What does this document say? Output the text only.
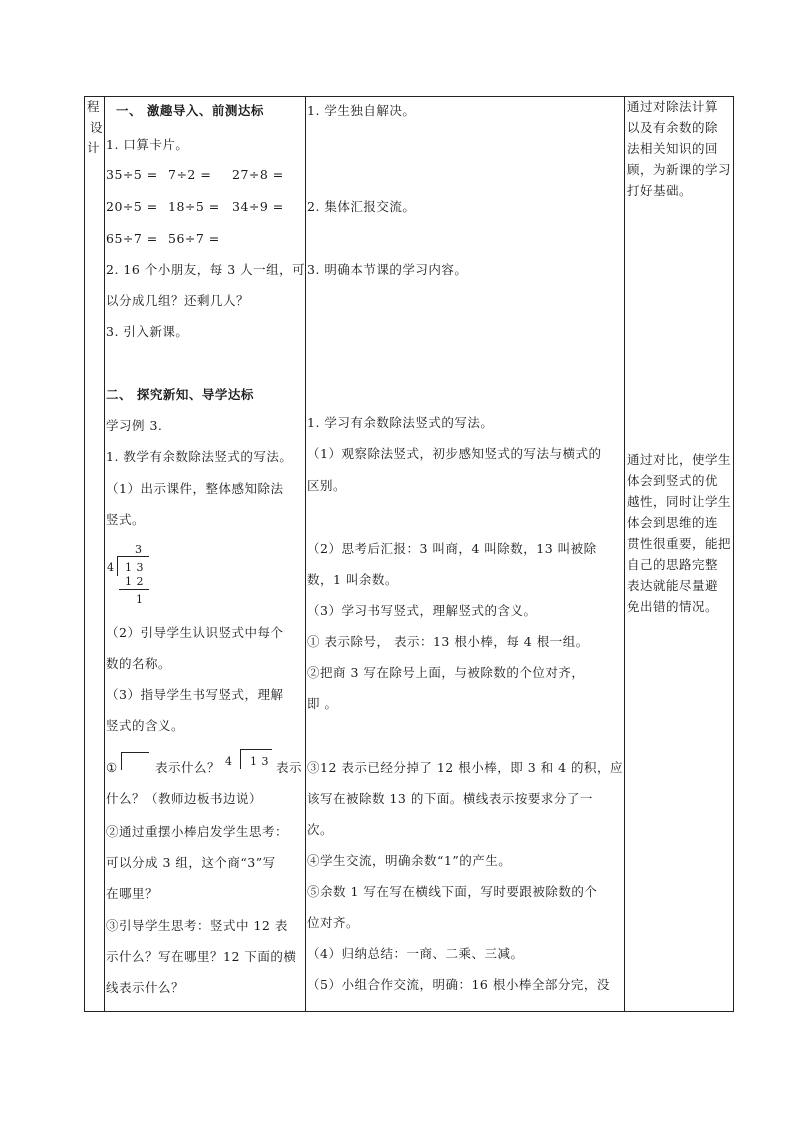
程
设
计
一、 激趣导入、前测达标
1. 口算卡片。
35÷5 = 7÷2 = 27÷8 =
20÷5 = 18÷5 = 34÷9 =
65÷7 = 56÷7 =
2. 16 个小朋友，每 3 人一组，可
以分成几组？还剩几人？
3. 引入新课。
二、 探究新知、导学达标
学习例 3.
1. 教学有余数除法竖式的写法。
（1）出示课件，整体感知除法
竖式。
3
4 1 3
1 2
1
（2）引导学生认识竖式中每个
数的名称。
（3）指导学生书写竖式，理解
竖式的含义。
①	表示什么？ 4 1 3 表示
什么？（教师边板书边说）
②通过重摆小棒启发学生思考：
可以分成 3 组，这个商“3”写
在哪里？
③引导学生思考：竖式中 12 表
示什么？写在哪里？12 下面的横
线表示什么？
1. 学生独自解决。
2. 集体汇报交流。
3. 明确本节课的学习内容。
1. 学习有余数除法竖式的写法。
（1）观察除法竖式，初步感知竖式的写法与横式的
区别。
（2）思考后汇报：3 叫商，4 叫除数，13 叫被除
数，1 叫余数。
（3）学习书写竖式，理解竖式的含义。
① 表示除号， 表示：13 根小棒，每 4 根一组。
②把商 3 写在除号上面，与被除数的个位对齐，
即 。
③12 表示已经分掉了 12 根小棒，即 3 和 4 的积，应
该写在被除数 13 的下面。横线表示按要求分了一
次。
④学生交流，明确余数“1”的产生。
⑤余数 1 写在写在横线下面，写时要跟被除数的个
位对齐。
（4）归纳总结：一商、二乘、三减。
（5）小组合作交流，明确：16 根小棒全部分完，没
通过对除法计算
以及有余数的除
法相关知识的回
顾，为新课的学习
打好基础。
通过对比，使学生
体会到竖式的优
越性，同时让学生
体会到思维的连
贯性很重要，能把
自己的思路完整
表达就能尽量避
免出错的情况。
